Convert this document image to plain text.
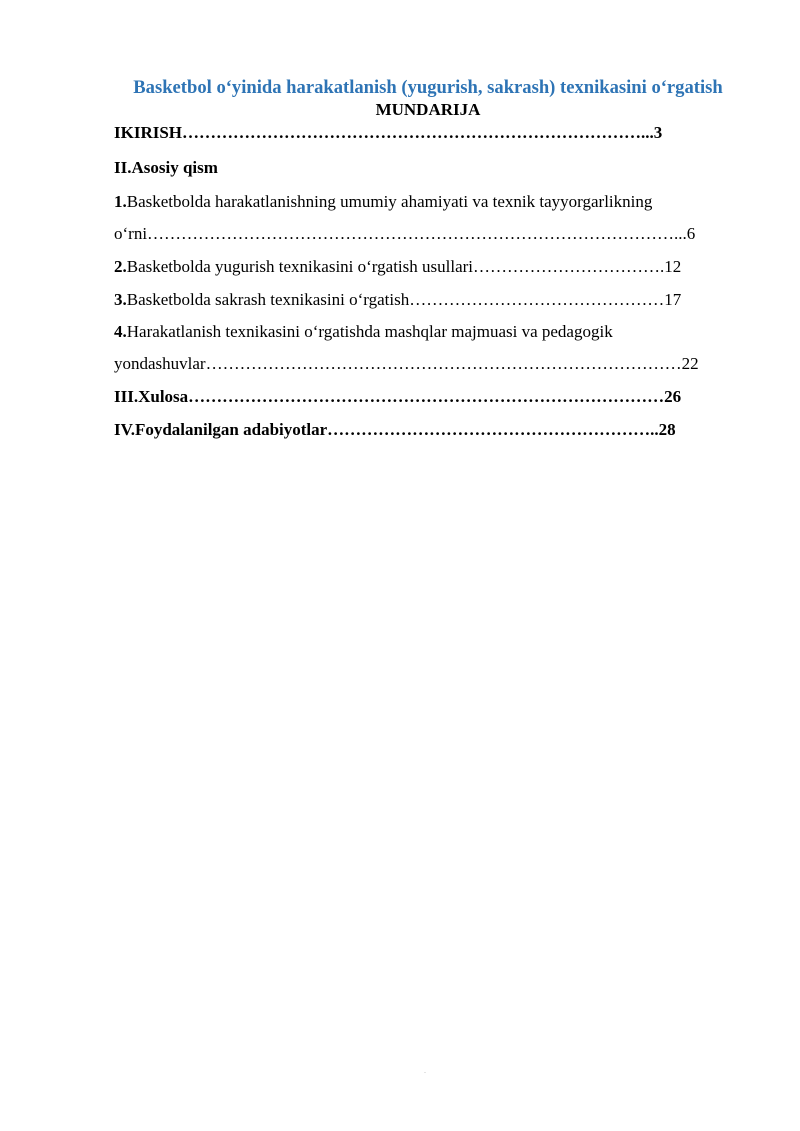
Basketbol o‘yinida harakatlanish (yugurish, sakrash) texnikasini o‘rgatish
MUNDARIJA
IKIRISH………………………………………………………………………...3
II.Asosiy qism
1.Basketbolda harakatlanishning umumiy ahamiyati va texnik tayyorgarlikning
o‘rni…………………………………………………………………………………...6
2.Basketbolda yugurish texnikasini o‘rgatish usullari…………………………….12
3.Basketbolda sakrash texnikasini o‘rgatish………………………………………17
4.Harakatlanish texnikasini o‘rgatishda mashqlar majmuasi va pedagogik
yondashuvlar…………………………………………………………………………22
III.Xulosa…………………………………………………………………………26
IV.Foydalanilgan adabiyotlar…………………………………………………..28
.
